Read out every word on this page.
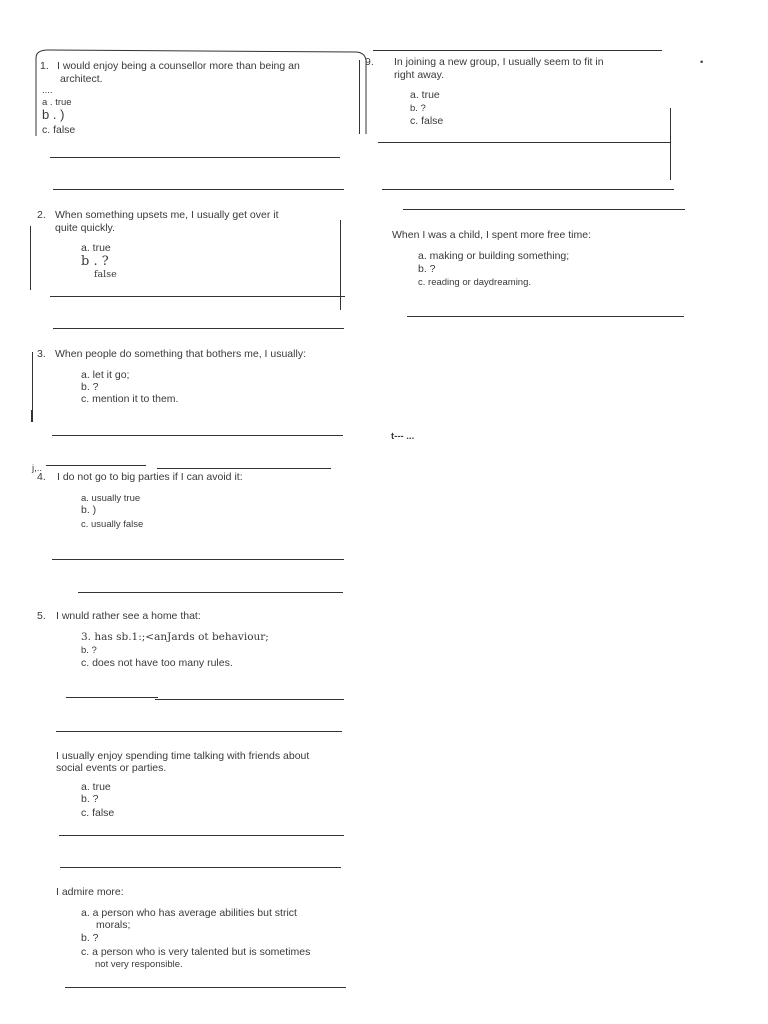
1. I would enjoy being a counsellor more than being an
architect.
....
a . true
b . )
c. false
2. When something upsets me, I usually get over it
quite quickly.
a. true
b . ?
false
3. When people do something that bothers me, I usually:
a. let it go;
b. ?
c. mention it to them.
j,..
4. I do not go to big parties if I can avoid it:
a. usually true
b. )
c. usually false
5. I wnuld rather see a home that:
3. has sb.1:;<anJards ot behaviour;
b. ?
c. does not have too many rules.
I usually enjoy spending time talking with friends about
social events or parties.
a. true
b. ?
c. false
I admire more:
a. a person who has average abilities but strict
morals;
b. ?
c. a person who is very talented but is sometimes
not very responsible.
9. In joining a new group, I usually seem to fit in
right away.
•
a. true
b. ?
c. false
When I was a child, I spent more free time:
a. making or building something;
b. ?
c. reading or daydreaming.
t--- ...
